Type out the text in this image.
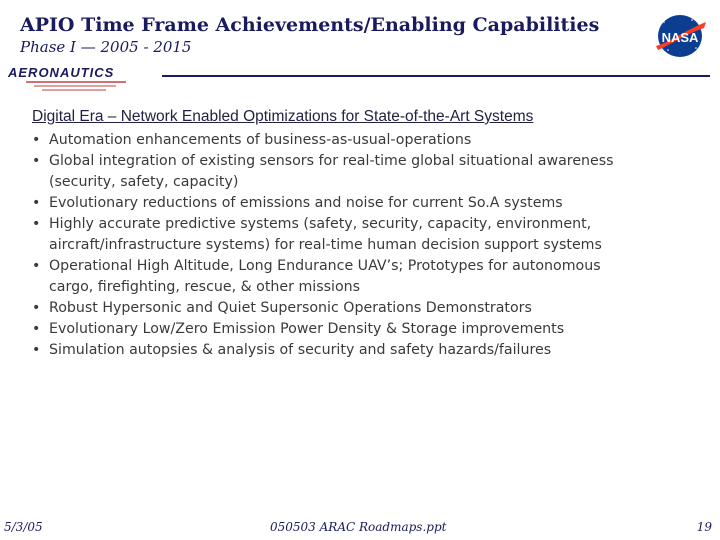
APIO Time Frame Achievements/Enabling Capabilities
Phase I — 2005 - 2015
NASA
AERONAUTICS
Digital Era – Network Enabled Optimizations for State-of-the-Art Systems
• Automation enhancements of business-as-usual-operations
• Global integration of existing sensors for real-time global situational awareness
(security, safety, capacity)
• Evolutionary reductions of emissions and noise for current So.A systems
• Highly accurate predictive systems (safety, security, capacity, environment,
aircraft/infrastructure systems) for real-time human decision support systems
• Operational High Altitude, Long Endurance UAV’s; Prototypes for autonomous
cargo, firefighting, rescue, & other missions
• Robust Hypersonic and Quiet Supersonic Operations Demonstrators
• Evolutionary Low/Zero Emission Power Density & Storage improvements
• Simulation autopsies & analysis of security and safety hazards/failures
5/3/05	050503 ARAC Roadmaps.ppt	19
